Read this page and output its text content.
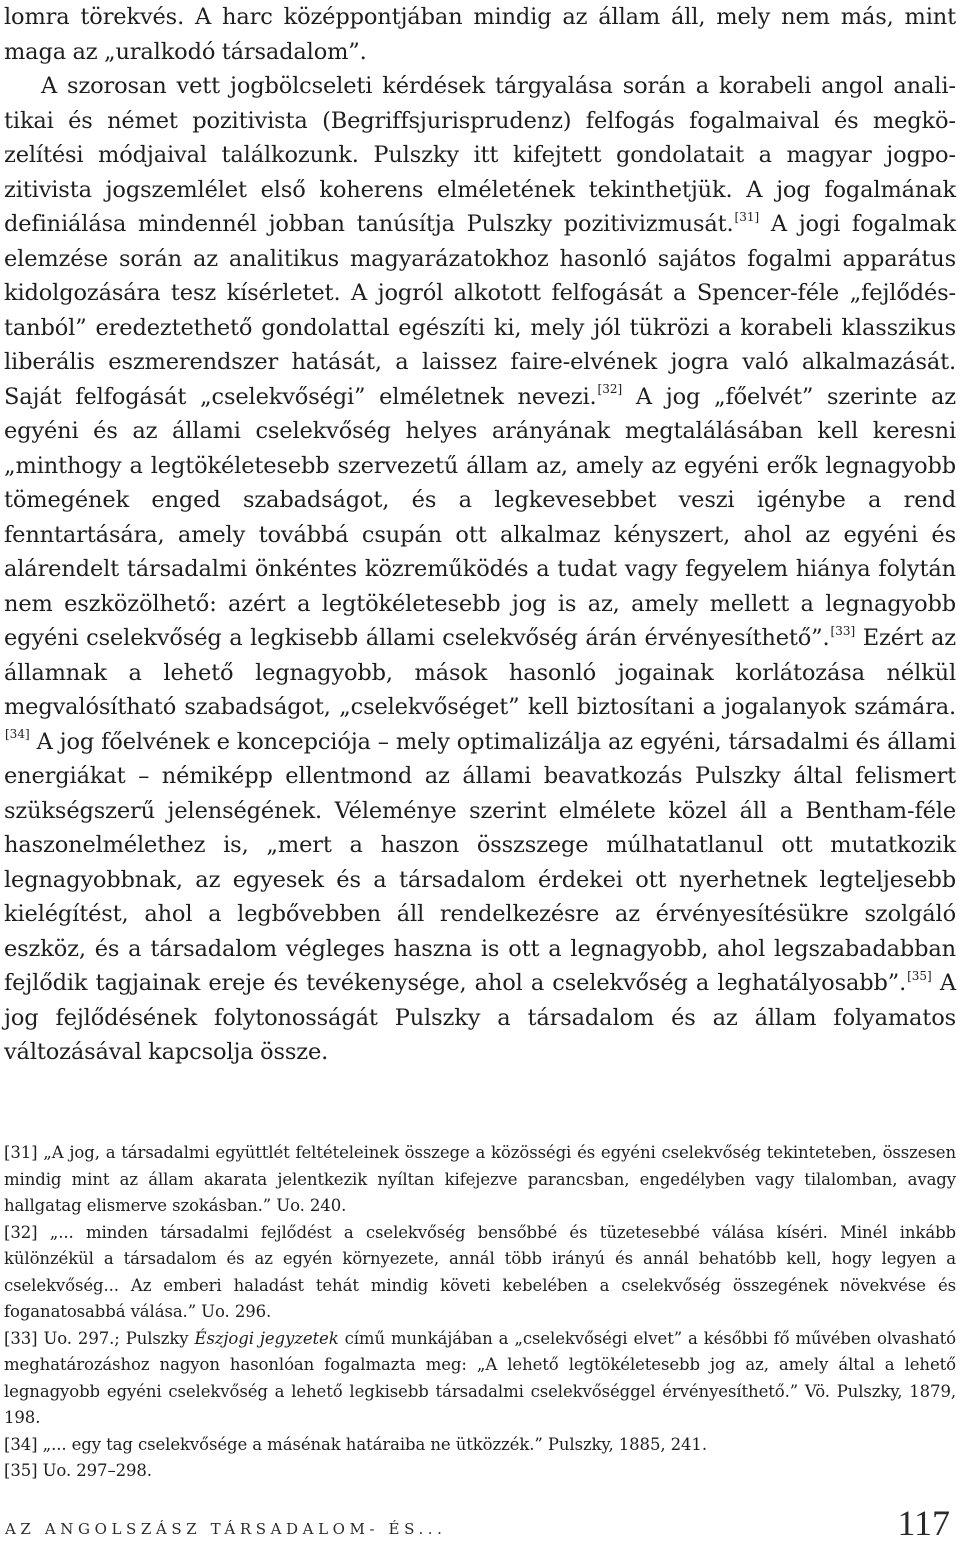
lomra törekvés. A harc középpontjában mindig az állam áll, mely nem más, mint maga az „uralkodó társadalom”.

A szorosan vett jogbölcseleti kérdések tárgyalása során a korabeli angol analitikai és német pozitivista (Begriffsjurisprudenz) felfogás fogalmaival és megközelítési módjaival találkozunk. Pulszky itt kifejtett gondolatait a magyar jogpozitivista jogszemlélet első koherens elméletének tekinthetjük. A jog fogalmának definiálása mindennél jobban tanúsítja Pulszky pozitivizmusát.[31] A jogi fogalmak elemzése során az analitikus magyarázatokhoz hasonló sajátos fogalmi apparátus kidolgozására tesz kísérletet. A jogról alkotott felfogását a Spencer-féle „fejlődés-tanból” eredeztethető gondolattal egészíti ki, mely jól tükrözi a korabeli klasszikus liberális eszmerendszer hatását, a laissez faire-elvének jogra való alkalmazását. Saját felfogását „cselekvőségi” elméletnek nevezi.[32] A jog „főelvét” szerinte az egyéni és az állami cselekvőség helyes arányának megtalálásában kell keresni „minthogy a legtökéletesebb szervezetű állam az, amely az egyéni erők legnagyobb tömegének enged szabadságot, és a legkevesebbet veszi igénybe a rend fenntartására, amely továbbá csupán ott alkalmaz kényszert, ahol az egyéni és alárendelt társadalmi önkéntes közreműködés a tudat vagy fegyelem hiánya folytán nem eszközölhető: azért a legtökéletesebb jog is az, amely mellett a legnagyobb egyéni cselekvőség a legkisebb állami cselekvőség árán érvényesíthető”.[33] Ezért az államnak a lehető legnagyobb, mások hasonló jogainak korlátozása nélkül megvalósítható szabadságot, „cselekvőséget” kell biztosítani a jogalanyok számára.[34] A jog főelvének e koncepciója – mely optimalizálja az egyéni, társadalmi és állami energiákat – némiképp ellentmond az állami beavatkozás Pulszky által felismert szükségszerű jelenségének. Véleménye szerint elmélete közel áll a Bentham-féle haszonelmélethez is, „mert a haszon összszege múlhatatlanul ott mutatkozik legnagyobbnak, az egyesek és a társadalom érdekei ott nyerhetnek legteljesebb kielégítést, ahol a legbővebben áll rendelkezésre az érvényesítésükre szolgáló eszköz, és a társadalom végleges haszna is ott a legnagyobb, ahol legszabadabban fejlődik tagjainak ereje és tevékenysége, ahol a cselekvőség a leghatályosabb”.[35] A jog fejlődésének folytonosságát Pulszky a társadalom és az állam folyamatos változásával kapcsolja össze.

[31] „A jog, a társadalmi együttlét feltételeinek összege a közösségi és egyéni cselekvőség tekinteteben, összesen mindig mint az állam akarata jelentkezik nyíltan kifejezve parancsban, engedélyben vagy tilalomban, avagy hallgatag elismerve szokásban.” Uo. 240.

[32] „... minden társadalmi fejlődést a cselekvőség bensőbbé és tüzetesebbé válása kíséri. Minél inkább különzékül a társadalom és az egyén környezete, annál több irányú és annál behatóbb kell, hogy legyen a cselekvőség... Az emberi haladást tehát mindig követi kebelében a cselekvőség összegének növekvése és foganatosabbá válása.” Uo. 296.

[33] Uo. 297.; Pulszky Észjogi jegyzetek című munkájában a „cselekvőségi elvet” a későbbi fő művében olvasható meghatározáshoz nagyon hasonlóan fogalmazta meg: „A lehető legtökéletesebb jog az, amely által a lehető legnagyobb egyéni cselekvőség a lehető legkisebb társadalmi cselekvőséggel érvényesíthető.” Vö. Pulszky, 1879, 198.

[34] „... egy tag cselekvősége a másénak határaiba ne ütközzék.” Pulszky, 1885, 241.

[35] Uo. 297–298.

AZ ANGOLSZÁSZ TÁRSADALOM- ÉS...	117
